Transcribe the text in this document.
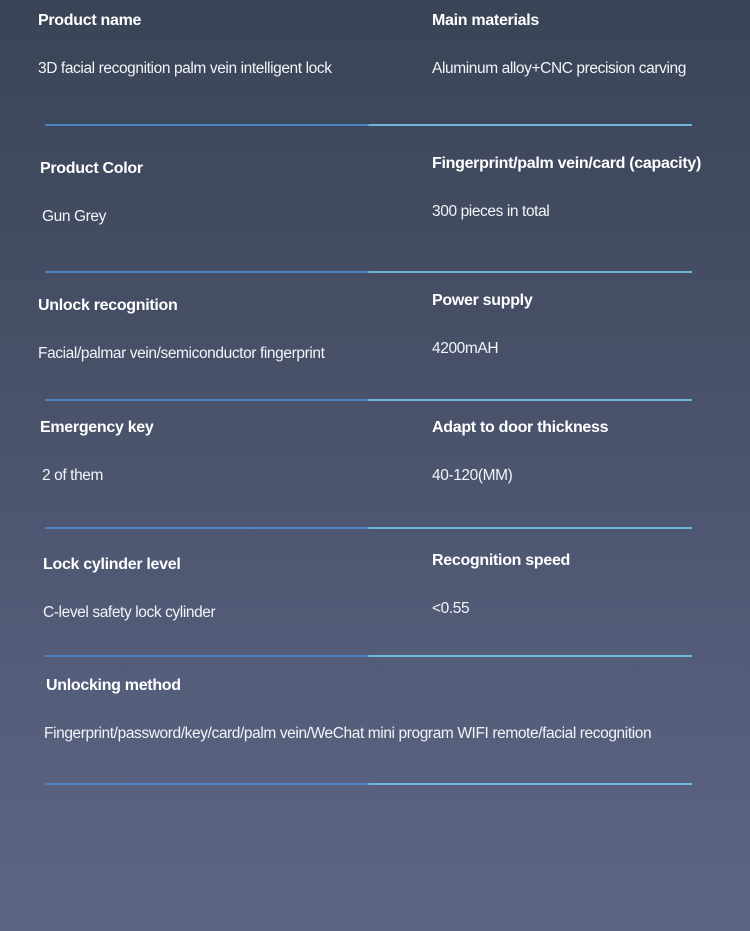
Product name
3D facial recognition palm vein intelligent lock
Main materials
Aluminum alloy+CNC precision carving
Product Color
Gun Grey
Fingerprint/palm vein/card (capacity)
300 pieces in total
Unlock recognition
Facial/palmar vein/semiconductor fingerprint
Power supply
4200mAH
Emergency key
2 of them
Adapt to door thickness
40-120(MM)
Lock cylinder level
C-level safety lock cylinder
Recognition speed
<0.55
Unlocking method
Fingerprint/password/key/card/palm vein/WeChat mini program WIFI remote/facial recognition
